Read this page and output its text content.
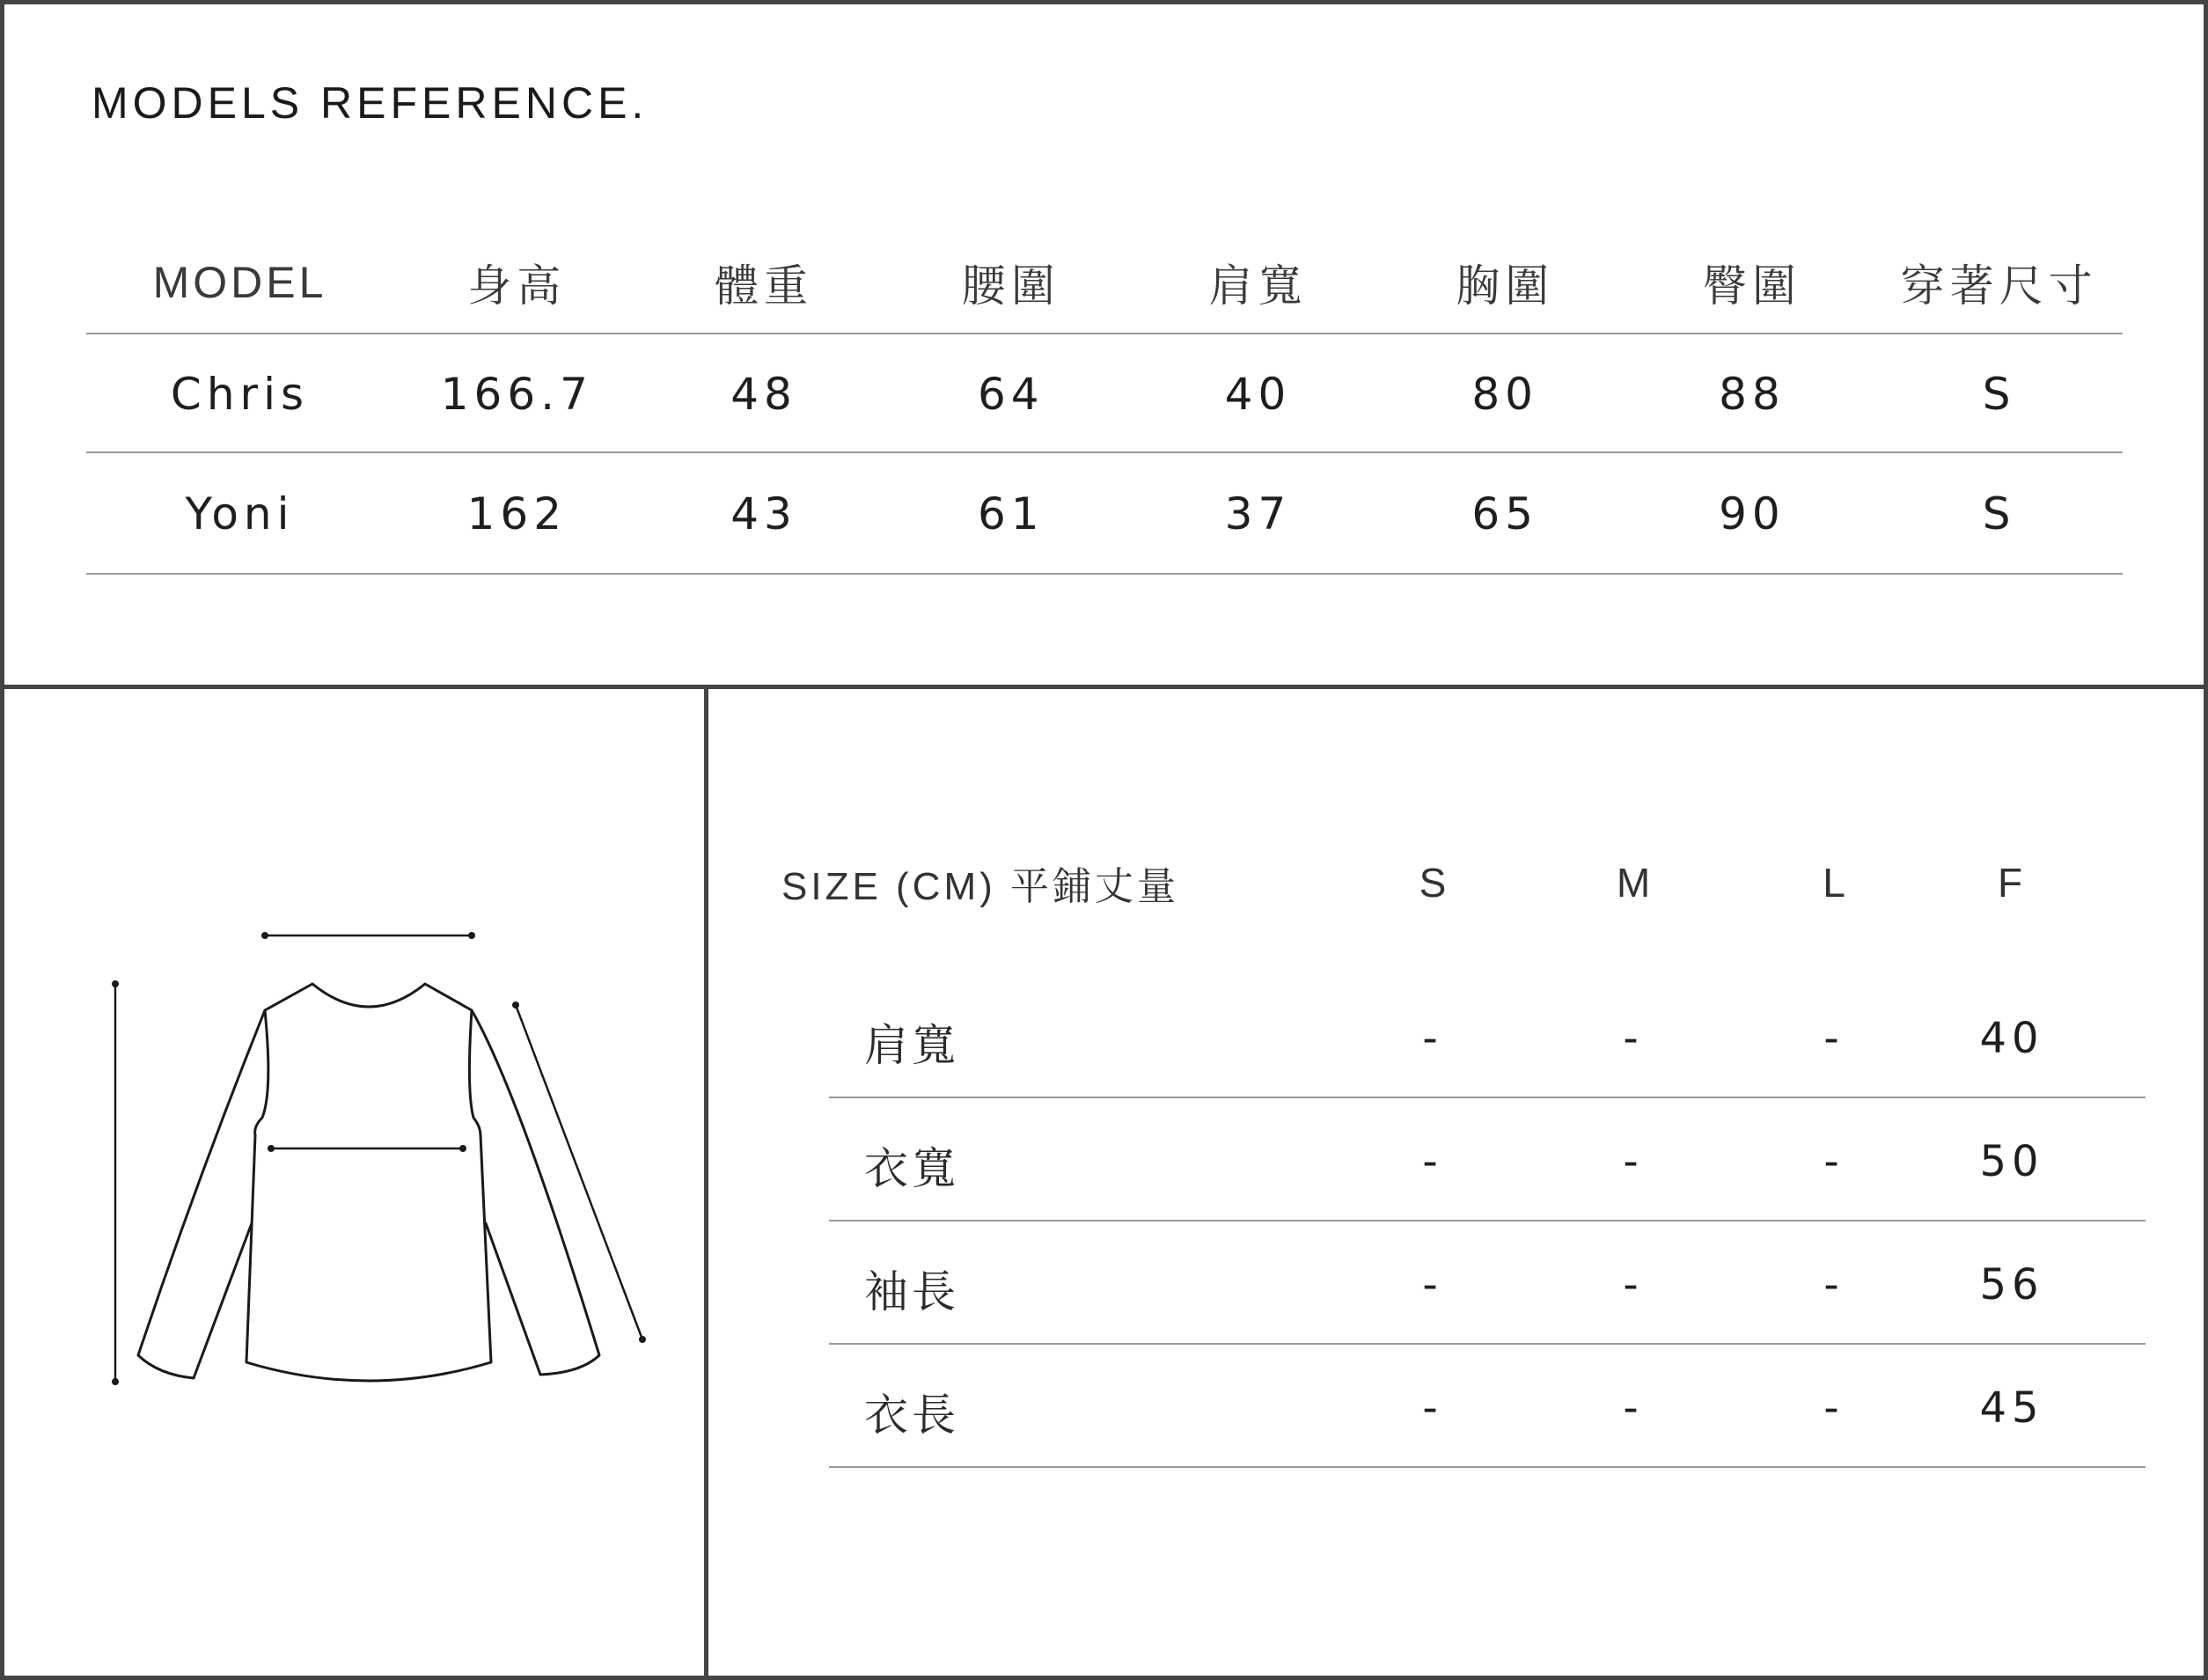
MODELS REFERENCE.
MODEL	身高	體重	腰圍	肩寬	胸圍	臀圍	穿著尺寸
Chris	166.7	48	64	40	80	88	S
Yoni	162	43	61	37	65	90	S
SIZE (CM) 平鋪丈量	S	M	L	F
肩寬	-	-	-	40
衣寬	-	-	-	50
袖長	-	-	-	56
衣長	-	-	-	45
